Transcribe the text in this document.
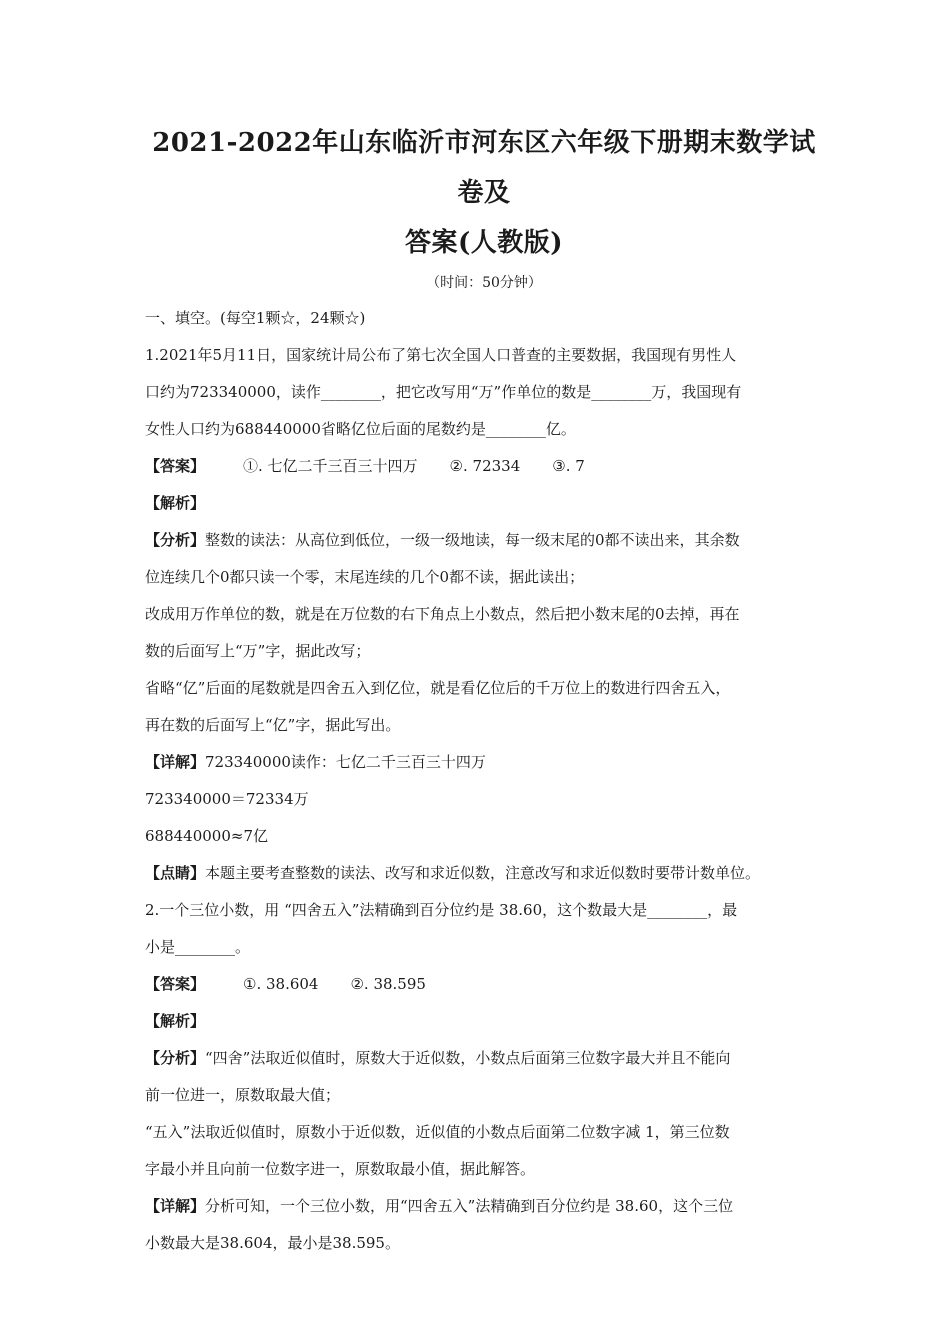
2021-2022年山东临沂市河东区六年级下册期末数学试卷及
答案(人教版)

（时间：50分钟）

一、填空。(每空1颗☆，24颗☆)

1.2021年5月11日，国家统计局公布了第七次全国人口普查的主要数据，我国现有男性人

口约为723340000，读作________，把它改写用“万”作单位的数是________万，我国现有

女性人口约为688440000省略亿位后面的尾数约是________亿。

【答案】	①. 七亿二千三百三十四万 ②. 72334 ③. 7

【解析】

【分析】整数的读法：从高位到低位，一级一级地读，每一级末尾的0都不读出来，其余数

位连续几个0都只读一个零，末尾连续的几个0都不读，据此读出；

改成用万作单位的数，就是在万位数的右下角点上小数点，然后把小数末尾的0去掉，再在

数的后面写上“万”字，据此改写；

省略“亿”后面的尾数就是四舍五入到亿位，就是看亿位后的千万位上的数进行四舍五入，

再在数的后面写上“亿”字，据此写出。

【详解】723340000读作：七亿二千三百三十四万

723340000＝72334万

688440000≈7亿

【点睛】本题主要考查整数的读法、改写和求近似数，注意改写和求近似数时要带计数单位。

2.一个三位小数，用 “四舍五入”法精确到百分位约是 38.60，这个数最大是________，最

小是________。

【答案】	①. 38.604 ②. 38.595

【解析】

【分析】“四舍”法取近似值时，原数大于近似数，小数点后面第三位数字最大并且不能向

前一位进一，原数取最大值；

“五入”法取近似值时，原数小于近似数，近似值的小数点后面第二位数字减 1，第三位数

字最小并且向前一位数字进一，原数取最小值，据此解答。

【详解】分析可知，一个三位小数，用“四舍五入”法精确到百分位约是 38.60，这个三位

小数最大是38.604，最小是38.595。
